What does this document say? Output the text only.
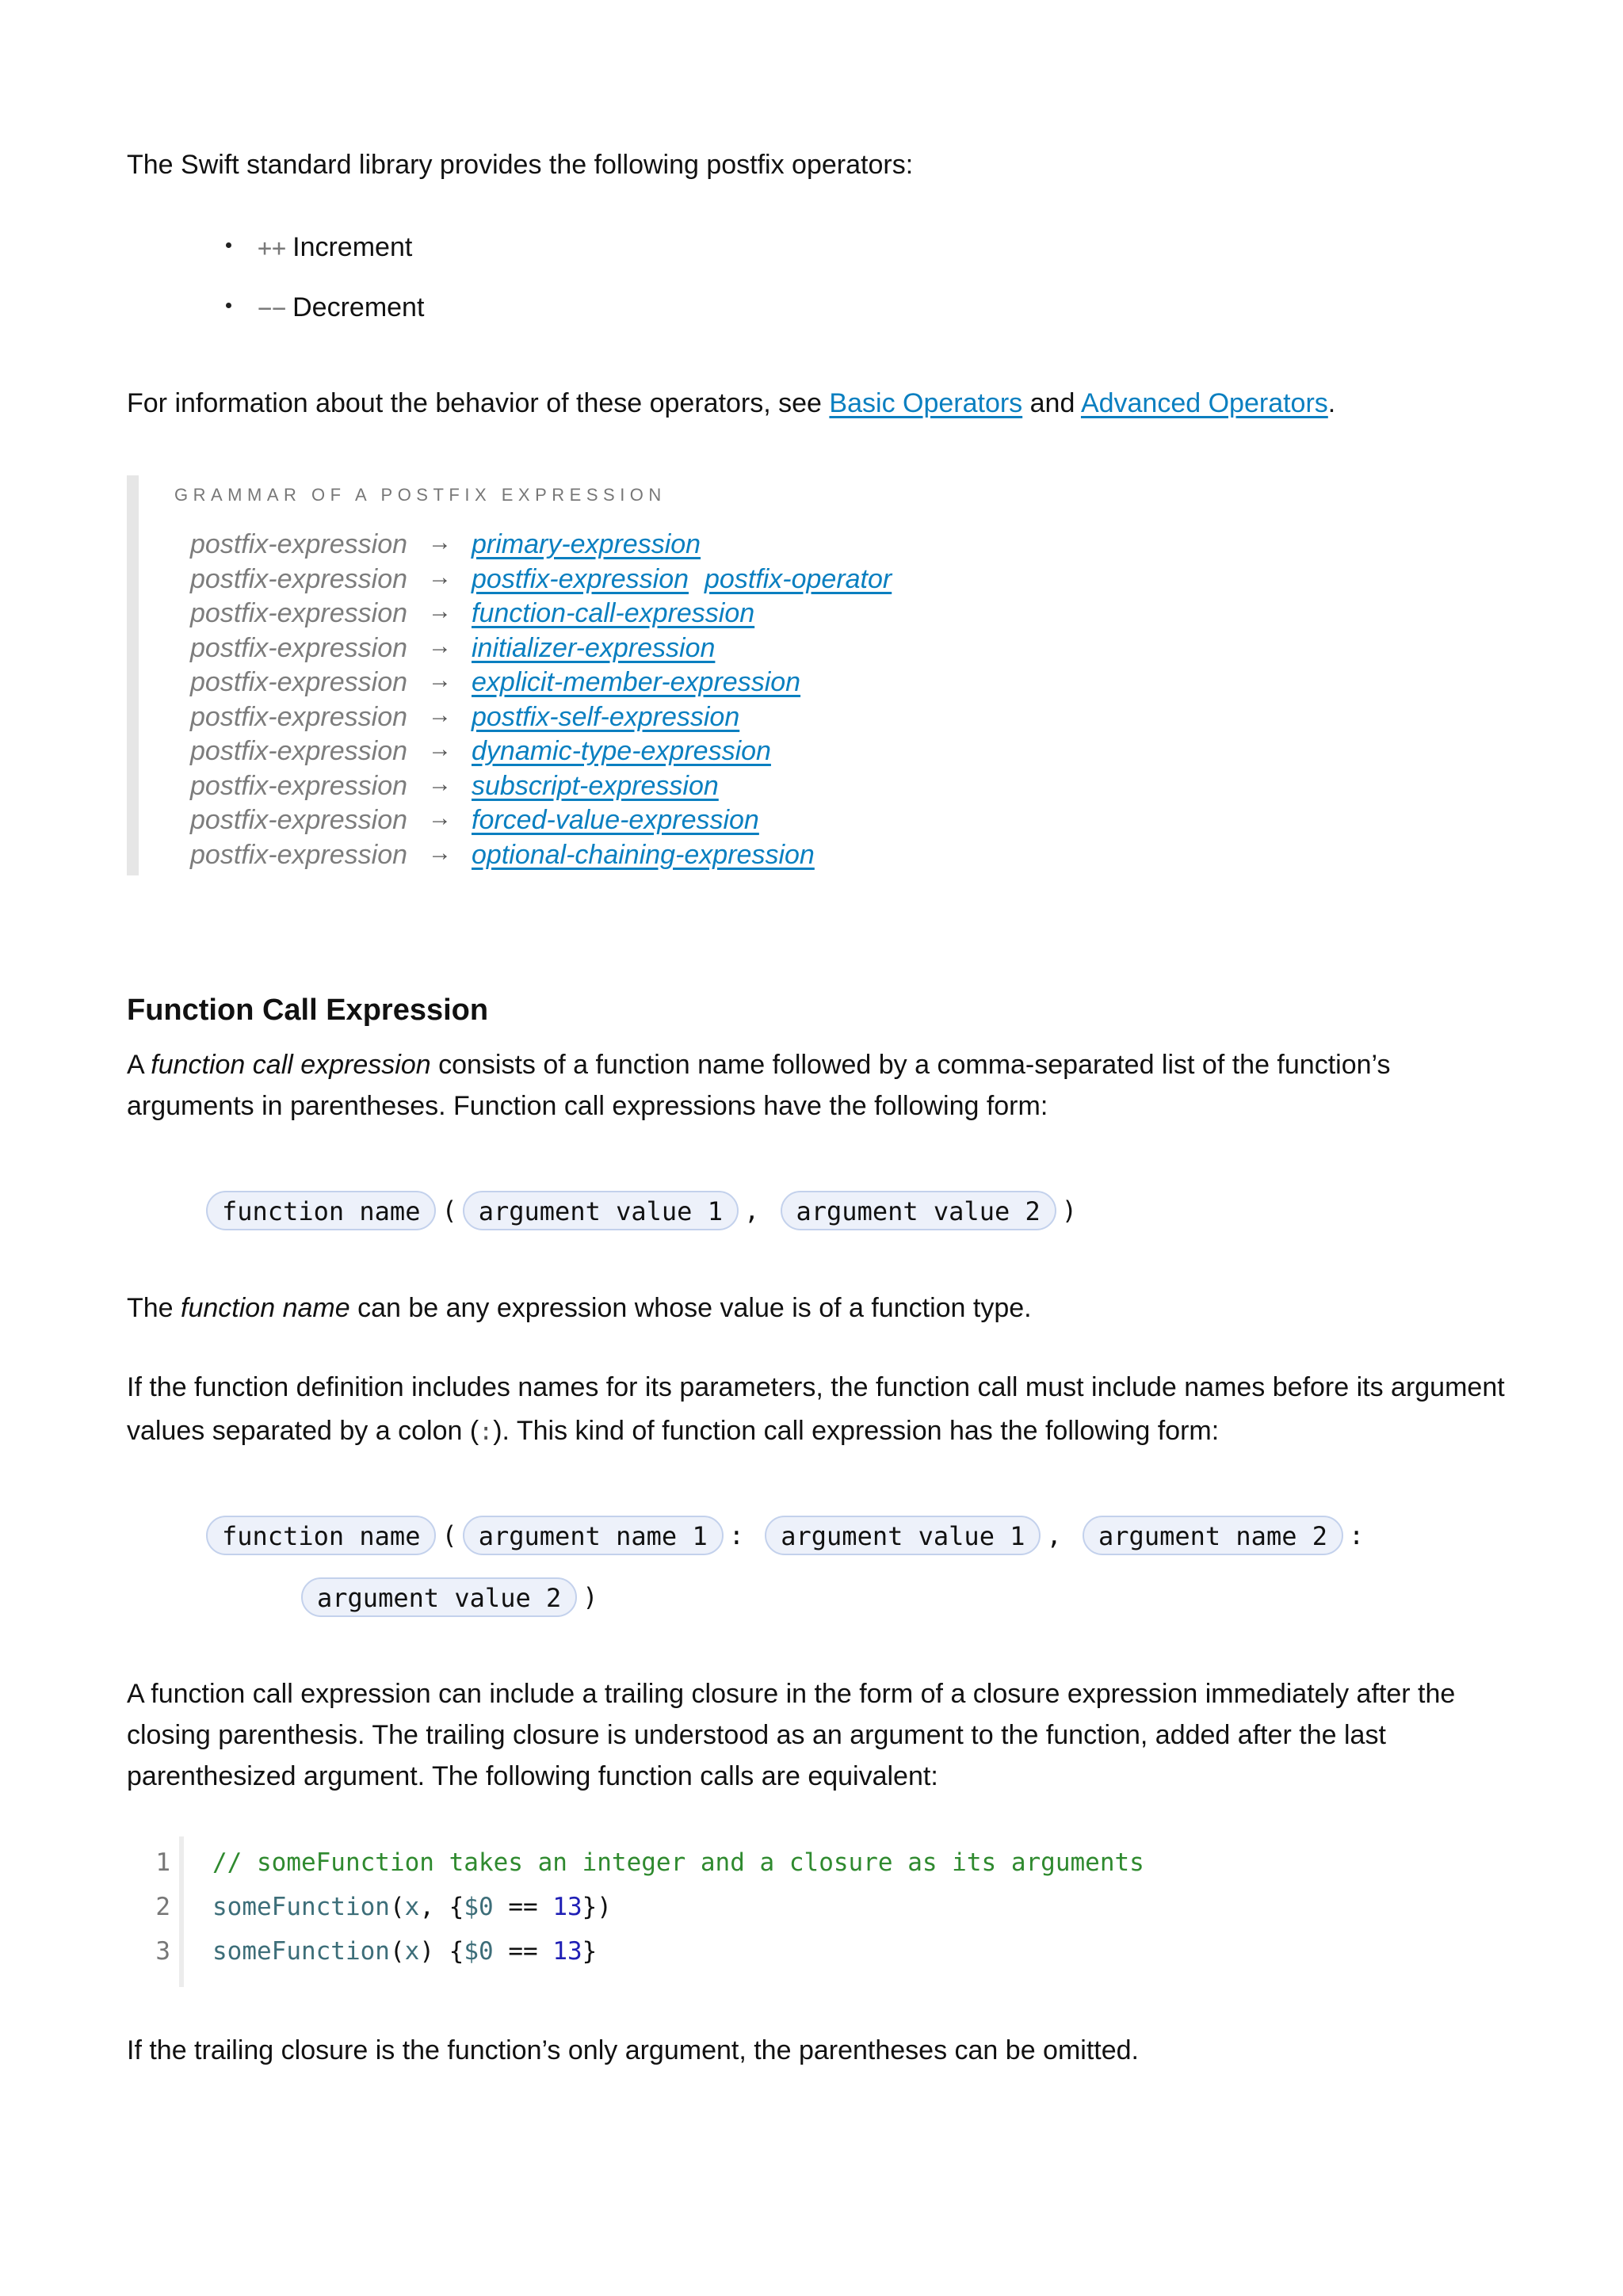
The Swift standard library provides the following postfix operators:

++ Increment
−− Decrement

For information about the behavior of these operators, see Basic Operators and Advanced Operators.

GRAMMAR OF A POSTFIX EXPRESSION
postfix-expression → primary-expression
postfix-expression → postfix-expression postfix-operator
postfix-expression → function-call-expression
postfix-expression → initializer-expression
postfix-expression → explicit-member-expression
postfix-expression → postfix-self-expression
postfix-expression → dynamic-type-expression
postfix-expression → subscript-expression
postfix-expression → forced-value-expression
postfix-expression → optional-chaining-expression
Function Call Expression

A function call expression consists of a function name followed by a comma-separated list of the function’s

arguments in parentheses. Function call expressions have the following form:

function name ( argument value 1 , argument value 2 )

The function name can be any expression whose value is of a function type.

If the function definition includes names for its parameters, the function call must include names before its argument

values separated by a colon (:). This kind of function call expression has the following form:

function name ( argument name 1 : argument value 1 , argument name 2 :
argument value 2 )

A function call expression can include a trailing closure in the form of a closure expression immediately after the

closing parenthesis. The trailing closure is understood as an argument to the function, added after the last

parenthesized argument. The following function calls are equivalent:

1 // someFunction takes an integer and a closure as its arguments
2 someFunction(x, {$0 == 13})
3 someFunction(x) {$0 == 13}

If the trailing closure is the function’s only argument, the parentheses can be omitted.
